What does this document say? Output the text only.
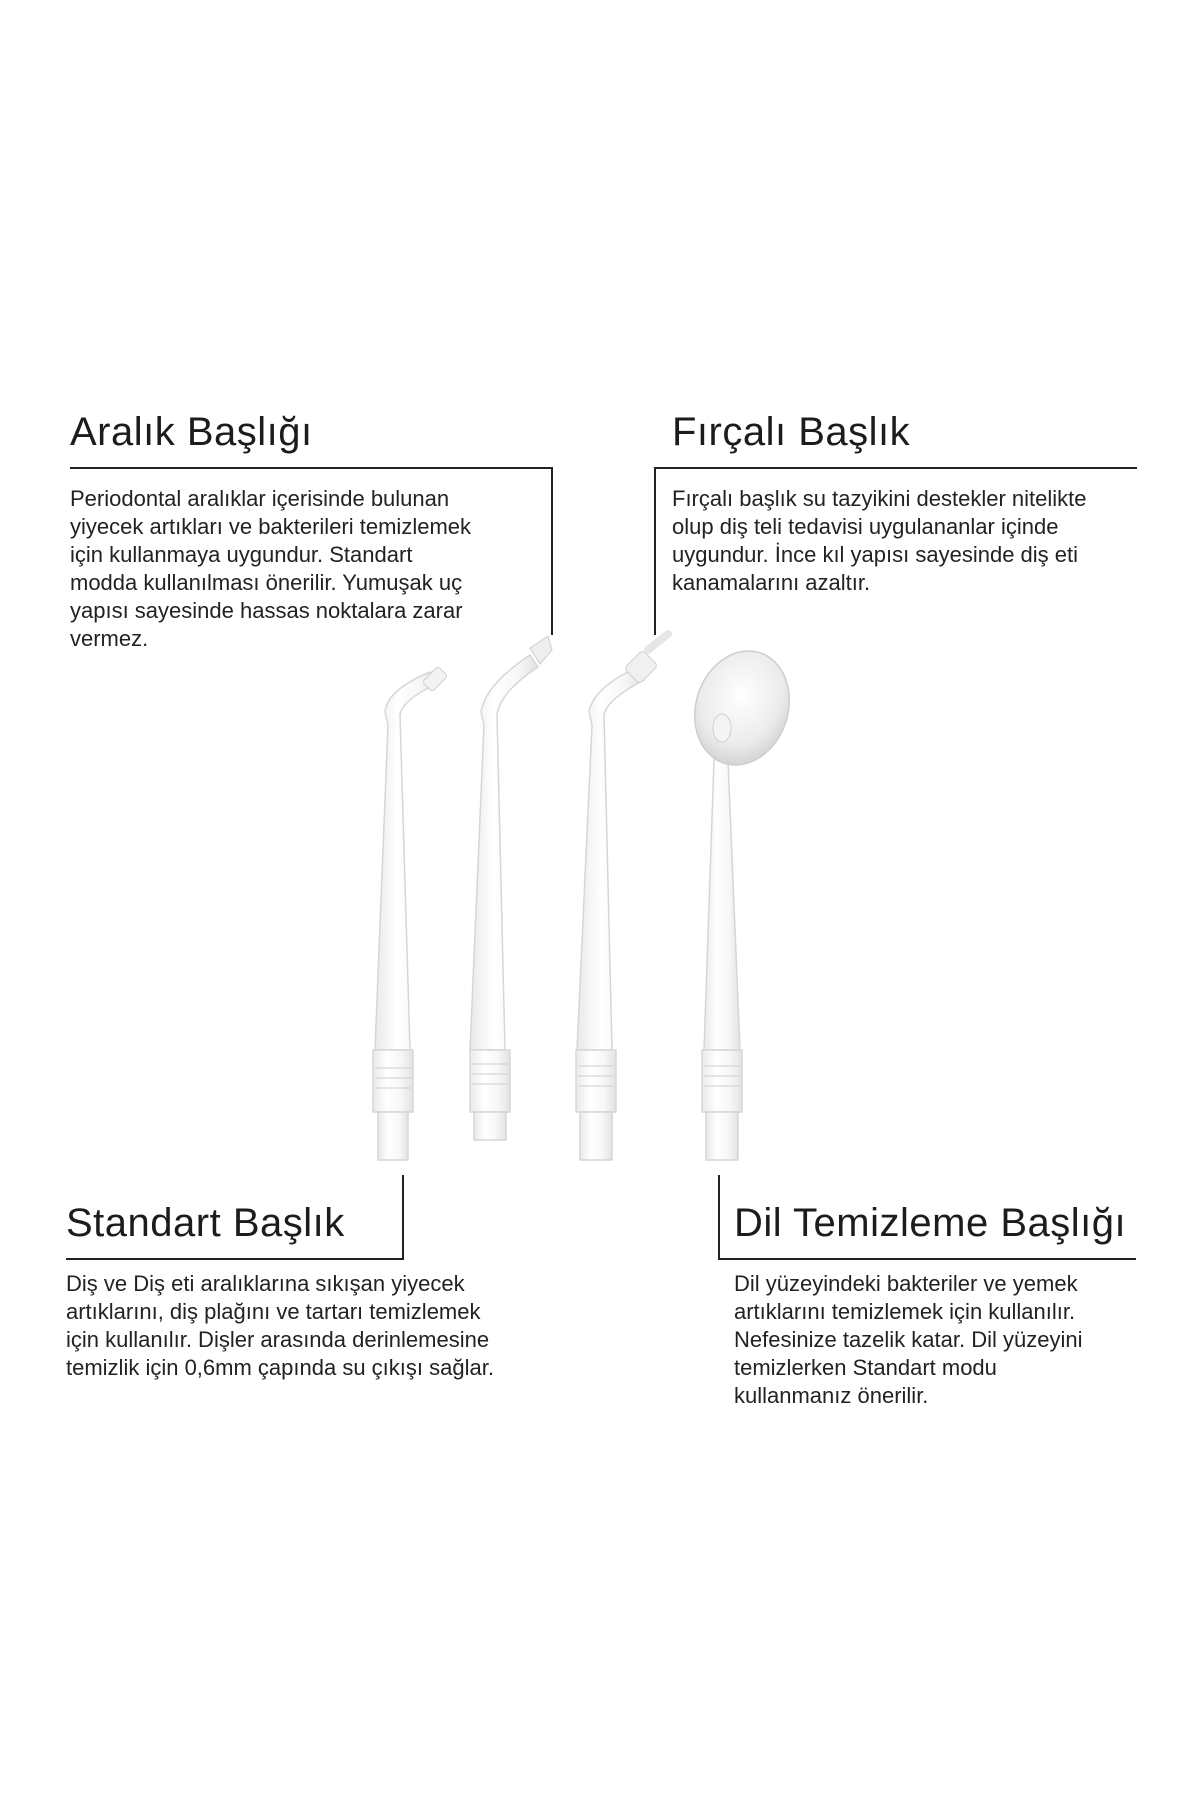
Aralık Başlığı
Periodontal aralıklar içerisinde bulunan
yiyecek artıkları ve bakterileri temizlemek
için kullanmaya uygundur. Standart
modda kullanılması önerilir. Yumuşak uç
yapısı sayesinde hassas noktalara zarar
vermez.
Fırçalı Başlık
Fırçalı başlık su tazyikini destekler nitelikte
olup diş teli tedavisi uygulananlar içinde
uygundur. İnce kıl yapısı sayesinde diş eti
kanamalarını azaltır.
Standart Başlık
Diş ve Diş eti aralıklarına sıkışan yiyecek
artıklarını, diş plağını ve tartarı temizlemek
için kullanılır. Dişler arasında derinlemesine
temizlik için 0,6mm çapında su çıkışı sağlar.
Dil Temizleme Başlığı
Dil yüzeyindeki bakteriler ve yemek
artıklarını temizlemek için kullanılır.
Nefesinize tazelik katar. Dil yüzeyini
temizlerken Standart modu
kullanmanız önerilir.
